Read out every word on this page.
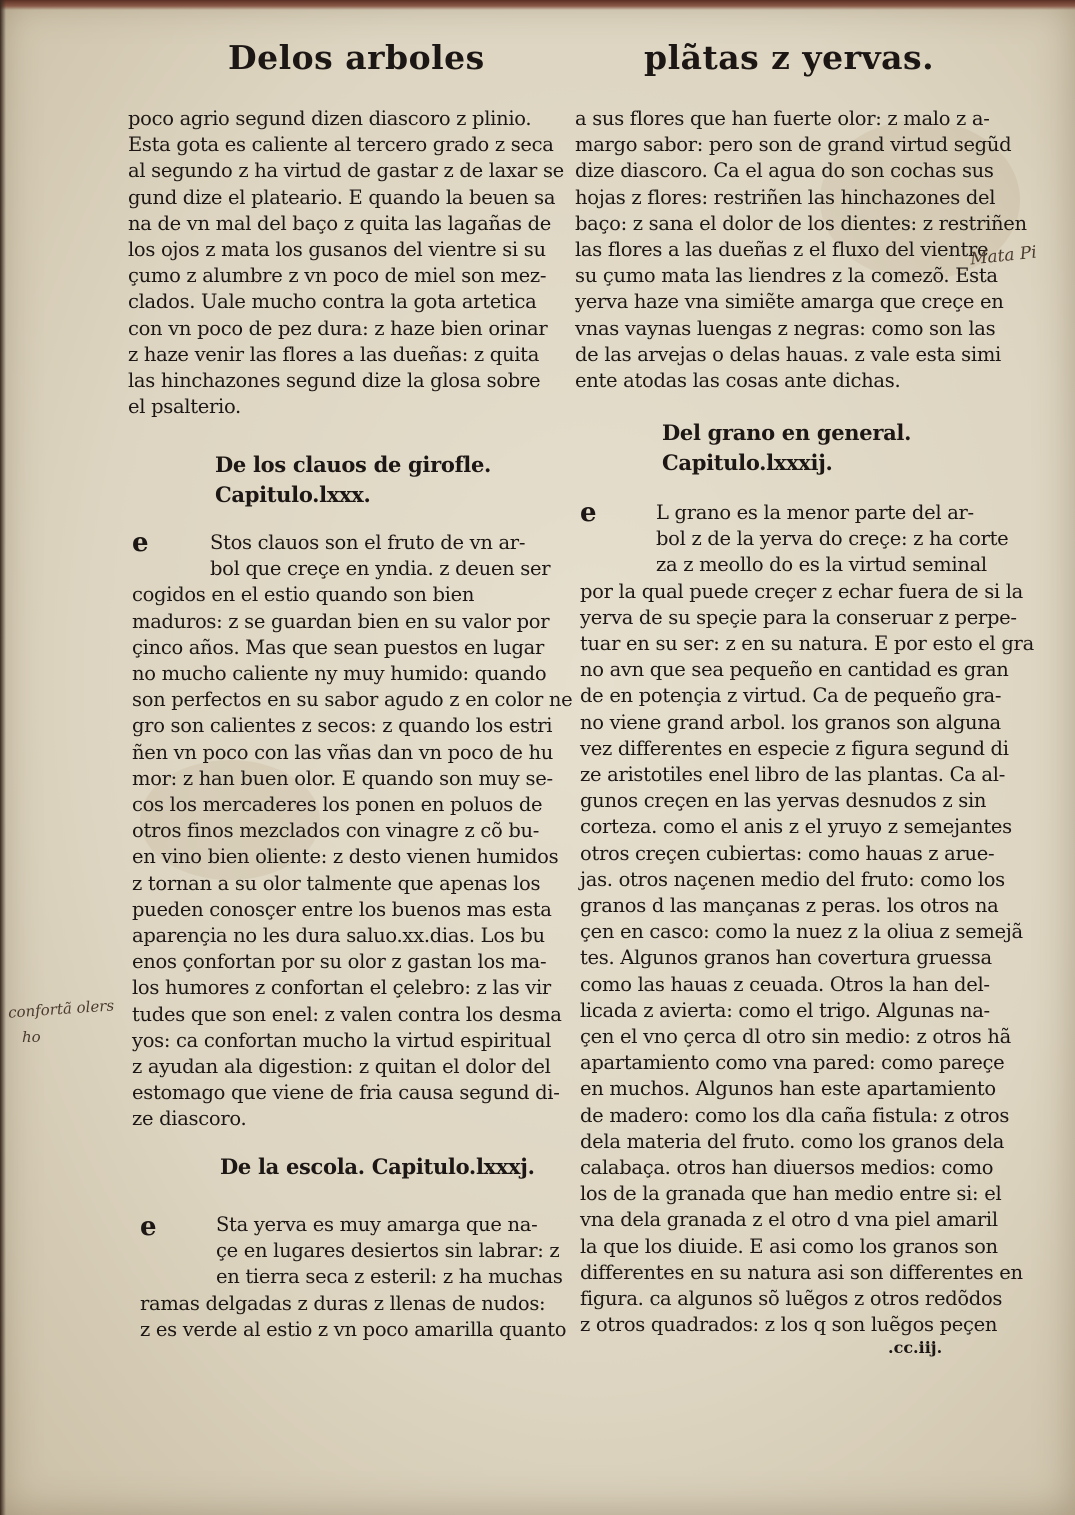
Delos arboles	plãtas z yervas.

poco agrio segund dizen diascoro z plinio.

Esta gota es caliente al tercero grado z seca

al segundo z ha virtud de gastar z de laxar se

gund dize el plateario. E quando la beuen sa

na de vn mal del baço z quita las lagañas de

los ojos z mata los gusanos del vientre si su

çumo z alumbre z vn poco de miel son mez-

clados. Uale mucho contra la gota artetica

con vn poco de pez dura: z haze bien orinar

z haze venir las flores a las dueñas: z quita

las hinchazones segund dize la glosa sobre

el psalterio.

De los clauos de girofle.

Capitulo.lxxx.

e	Stos clauos son el fruto de vn ar-

bol que creçe en yndia. z deuen ser

cogidos en el estio quando son bien

maduros: z se guardan bien en su valor por

çinco años. Mas que sean puestos en lugar

no mucho caliente ny muy humido: quando

son perfectos en su sabor agudo z en color ne

gro son calientes z secos: z quando los estri

ñen vn poco con las vñas dan vn poco de hu

mor: z han buen olor. E quando son muy se-

cos los mercaderes los ponen en poluos de

otros finos mezclados con vinagre z cõ bu-

en vino bien oliente: z desto vienen humidos

z tornan a su olor talmente que apenas los

pueden conosçer entre los buenos mas esta

aparençia no les dura saluo.xx.dias. Los bu

enos çonfortan por su olor z gastan los ma-

los humores z confortan el çelebro: z las vir

tudes que son enel: z valen contra los desma

yos: ca confortan mucho la virtud espiritual

z ayudan ala digestion: z quitan el dolor del

estomago que viene de fria causa segund di-

ze diascoro.

De la escola. Capitulo.lxxxj.

e	Sta yerva es muy amarga que na-

çe en lugares desiertos sin labrar: z

en tierra seca z esteril: z ha muchas

ramas delgadas z duras z llenas de nudos:

z es verde al estio z vn poco amarilla quanto

a sus flores que han fuerte olor: z malo z a-

margo sabor: pero son de grand virtud segũd

dize diascoro. Ca el agua do son cochas sus

hojas z flores: restriñen las hinchazones del

baço: z sana el dolor de los dientes: z restriñen

las flores a las dueñas z el fluxo del vientre

su çumo mata las liendres z la comezõ. Esta

yerva haze vna simiẽte amarga que creçe en

vnas vaynas luengas z negras: como son las

de las arvejas o delas hauas. z vale esta simi

ente atodas las cosas ante dichas.

Del grano en general.

Capitulo.lxxxij.

e	L grano es la menor parte del ar-

bol z de la yerva do creçe: z ha corte

za z meollo do es la virtud seminal

por la qual puede creçer z echar fuera de si la

yerva de su speçie para la conseruar z perpe-

tuar en su ser: z en su natura. E por esto el gra

no avn que sea pequeño en cantidad es gran

de en potençia z virtud. Ca de pequeño gra-

no viene grand arbol. los granos son alguna

vez differentes en especie z figura segund di

ze aristotiles enel libro de las plantas. Ca al-

gunos creçen en las yervas desnudos z sin

corteza. como el anis z el yruyo z semejantes

otros creçen cubiertas: como hauas z arue-

jas. otros naçenen medio del fruto: como los

granos d las mançanas z peras. los otros na

çen en casco: como la nuez z la oliua z semejã

tes. Algunos granos han covertura gruessa

como las hauas z ceuada. Otros la han del-

licada z avierta: como el trigo. Algunas na-

çen el vno çerca dl otro sin medio: z otros hã

apartamiento como vna pared: como pareçe

en muchos. Algunos han este apartamiento

de madero: como los dla caña fistula: z otros

dela materia del fruto. como los granos dela

calabaça. otros han diuersos medios: como

los de la granada que han medio entre si: el

vna dela granada z el otro d vna piel amaril

la que los diuide. E asi como los granos son

differentes en su natura asi son differentes en

figura. ca algunos sõ luẽgos z otros redõdos

z otros quadrados: z los q son luẽgos peçen

.cc.iij.
Mata Pi
confortã olers
ho
